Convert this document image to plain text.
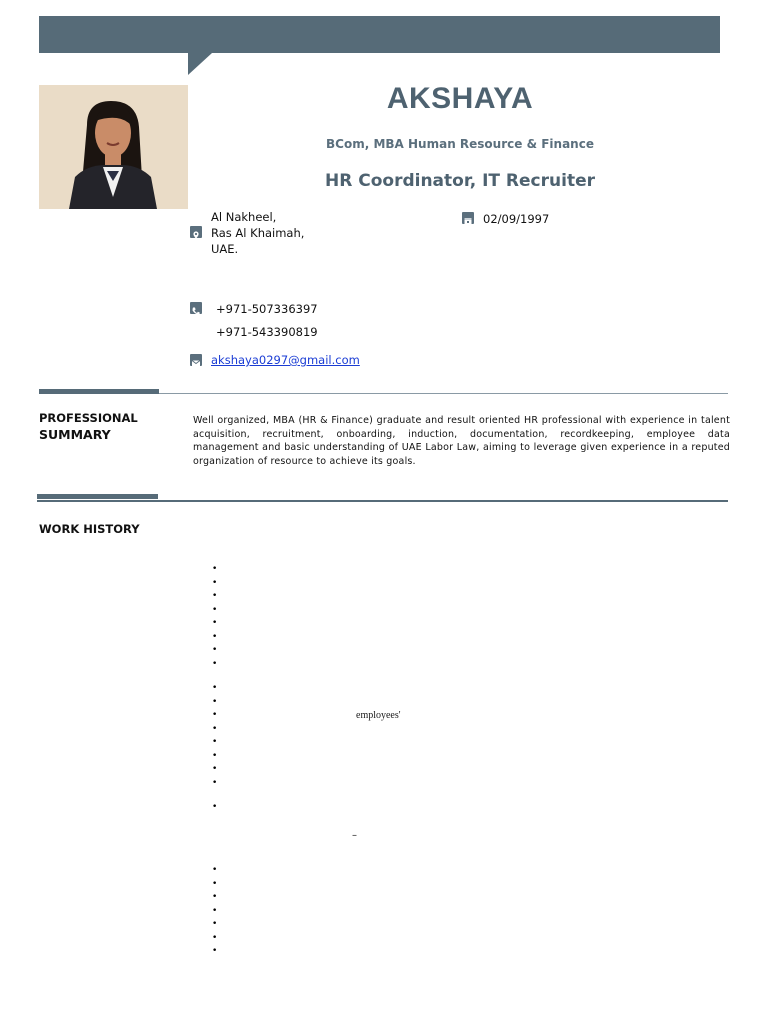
AKSHAYA
BCom, MBA Human Resource & Finance
HR Coordinator, IT Recruiter
Al Nakheel,
Ras Al Khaimah,
UAE.
02/09/1997
+971-507336397
+971-543390819
akshaya0297@gmail.com
PROFESSIONAL
SUMMARY
Well organized, MBA (HR & Finance) graduate and result oriented HR professional with experience in talent acquisition, recruitment, onboarding, induction, documentation, recordkeeping, employee data management and basic understanding of UAE Labor Law, aiming to leverage given experience in a reputed organization of resource to achieve its goals.
WORK HISTORY
employees'
–
